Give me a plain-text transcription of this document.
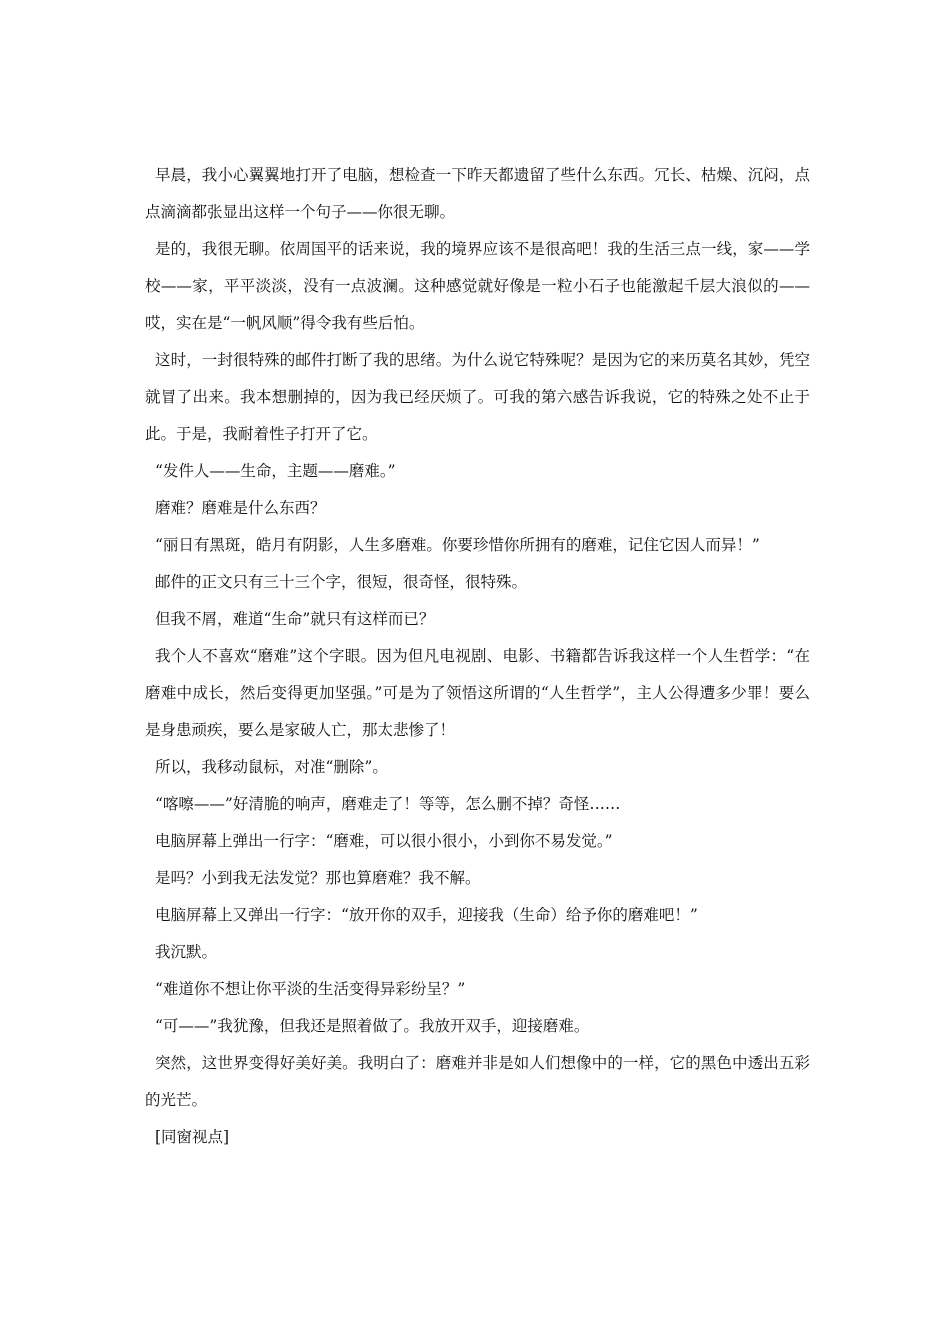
早晨，我小心翼翼地打开了电脑，想检查一下昨天都遗留了些什么东西。冗长、枯燥、沉闷，点点滴滴都张显出这样一个句子——你很无聊。

是的，我很无聊。依周国平的话来说，我的境界应该不是很高吧！我的生活三点一线，家——学校——家，平平淡淡，没有一点波澜。这种感觉就好像是一粒小石子也能激起千层大浪似的——哎，实在是“一帆风顺”得令我有些后怕。

这时，一封很特殊的邮件打断了我的思绪。为什么说它特殊呢？是因为它的来历莫名其妙，凭空就冒了出来。我本想删掉的，因为我已经厌烦了。可我的第六感告诉我说，它的特殊之处不止于此。于是，我耐着性子打开了它。

“发件人——生命，主题——磨难。”

磨难？磨难是什么东西？

“丽日有黑斑，皓月有阴影，人生多磨难。你要珍惜你所拥有的磨难，记住它因人而异！”

邮件的正文只有三十三个字，很短，很奇怪，很特殊。

但我不屑，难道“生命”就只有这样而已？

我个人不喜欢“磨难”这个字眼。因为但凡电视剧、电影、书籍都告诉我这样一个人生哲学：“在磨难中成长，然后变得更加坚强。”可是为了领悟这所谓的“人生哲学”，主人公得遭多少罪！要么是身患顽疾，要么是家破人亡，那太悲惨了！

所以，我移动鼠标，对准“删除”。

“喀嚓——”好清脆的响声，磨难走了！等等，怎么删不掉？奇怪……

电脑屏幕上弹出一行字：“磨难，可以很小很小，小到你不易发觉。”

是吗？小到我无法发觉？那也算磨难？我不解。

电脑屏幕上又弹出一行字：“放开你的双手，迎接我（生命）给予你的磨难吧！”

我沉默。

“难道你不想让你平淡的生活变得异彩纷呈？”

“可——”我犹豫，但我还是照着做了。我放开双手，迎接磨难。

突然，这世界变得好美好美。我明白了：磨难并非是如人们想像中的一样，它的黑色中透出五彩的光芒。

[同窗视点]
